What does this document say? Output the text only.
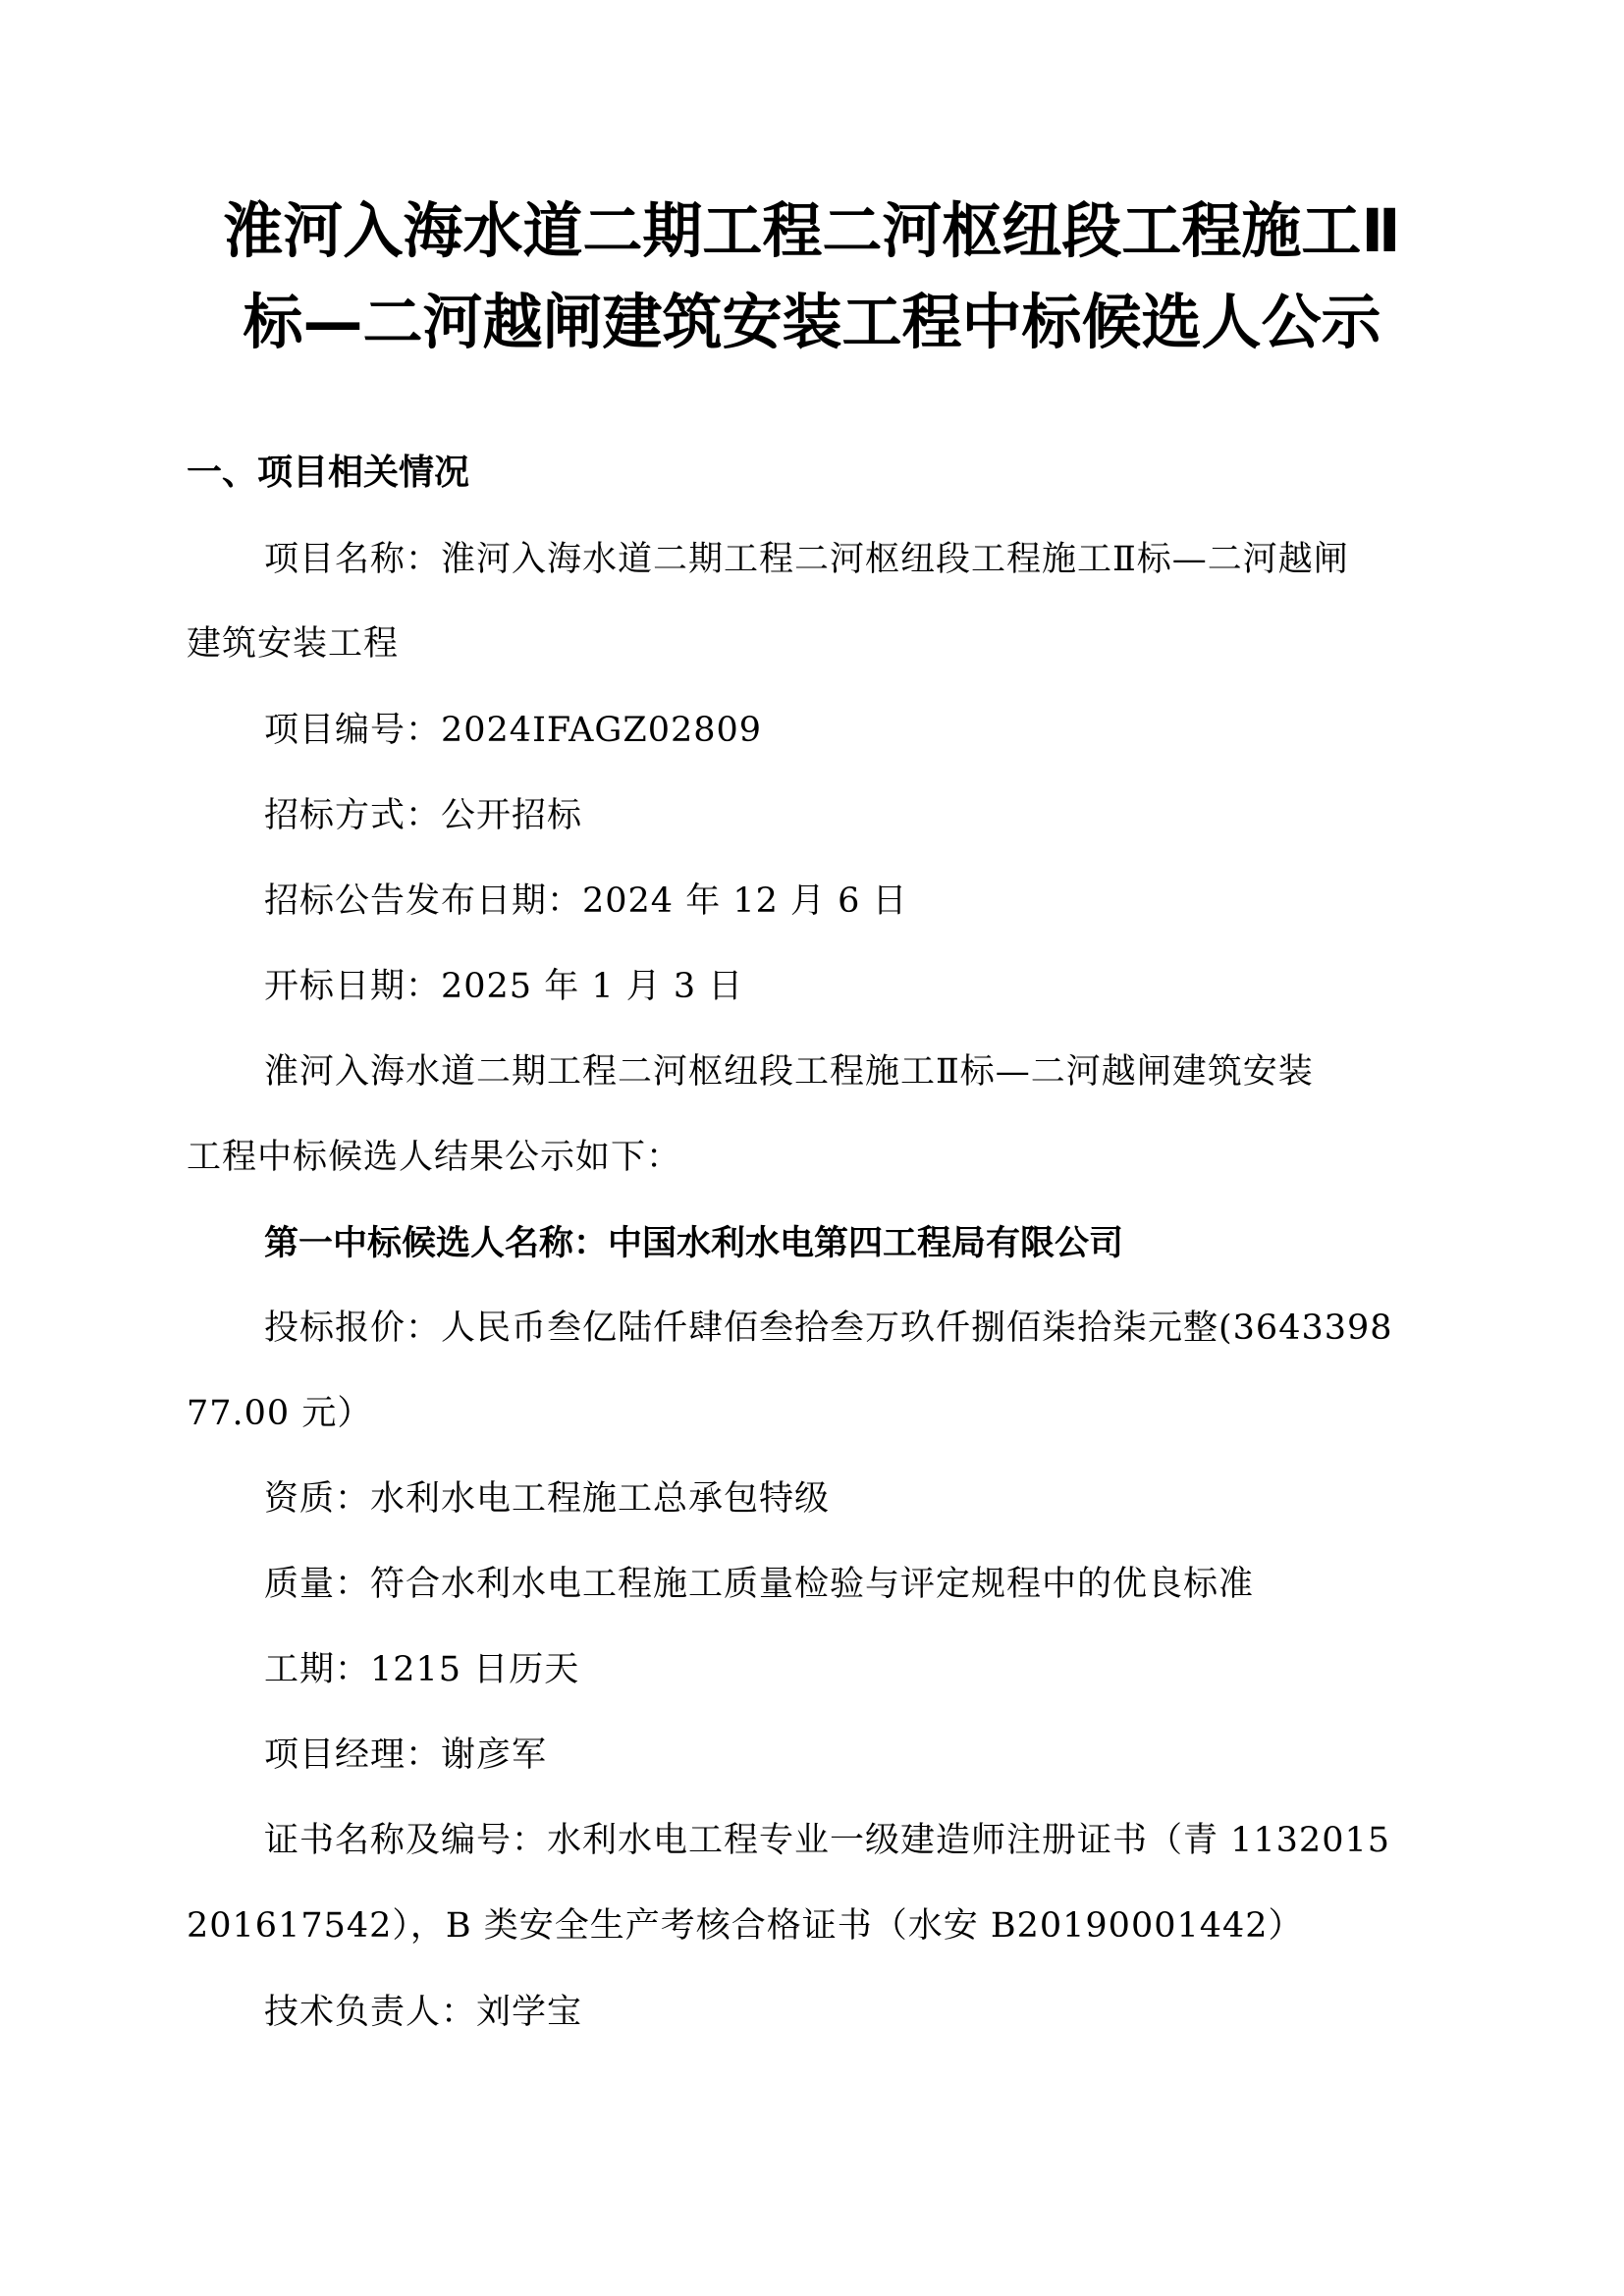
淮河入海水道二期工程二河枢纽段工程施工Ⅱ
标—二河越闸建筑安装工程中标候选人公示
一、项目相关情况
项目名称：淮河入海水道二期工程二河枢纽段工程施工Ⅱ标—二河越闸
建筑安装工程
项目编号：2024IFAGZ02809
招标方式：公开招标
招标公告发布日期：2024 年 12 月 6 日
开标日期：2025 年 1 月 3 日
淮河入海水道二期工程二河枢纽段工程施工Ⅱ标—二河越闸建筑安装
工程中标候选人结果公示如下：
第一中标候选人名称：中国水利水电第四工程局有限公司
投标报价：人民币叁亿陆仟肆佰叁拾叁万玖仟捌佰柒拾柒元整(3643398
77.00 元）
资质：水利水电工程施工总承包特级
质量：符合水利水电工程施工质量检验与评定规程中的优良标准
工期：1215 日历天
项目经理：谢彦军
证书名称及编号：水利水电工程专业一级建造师注册证书（青 1132015
201617542），B 类安全生产考核合格证书（水安 B20190001442）
技术负责人：刘学宝
